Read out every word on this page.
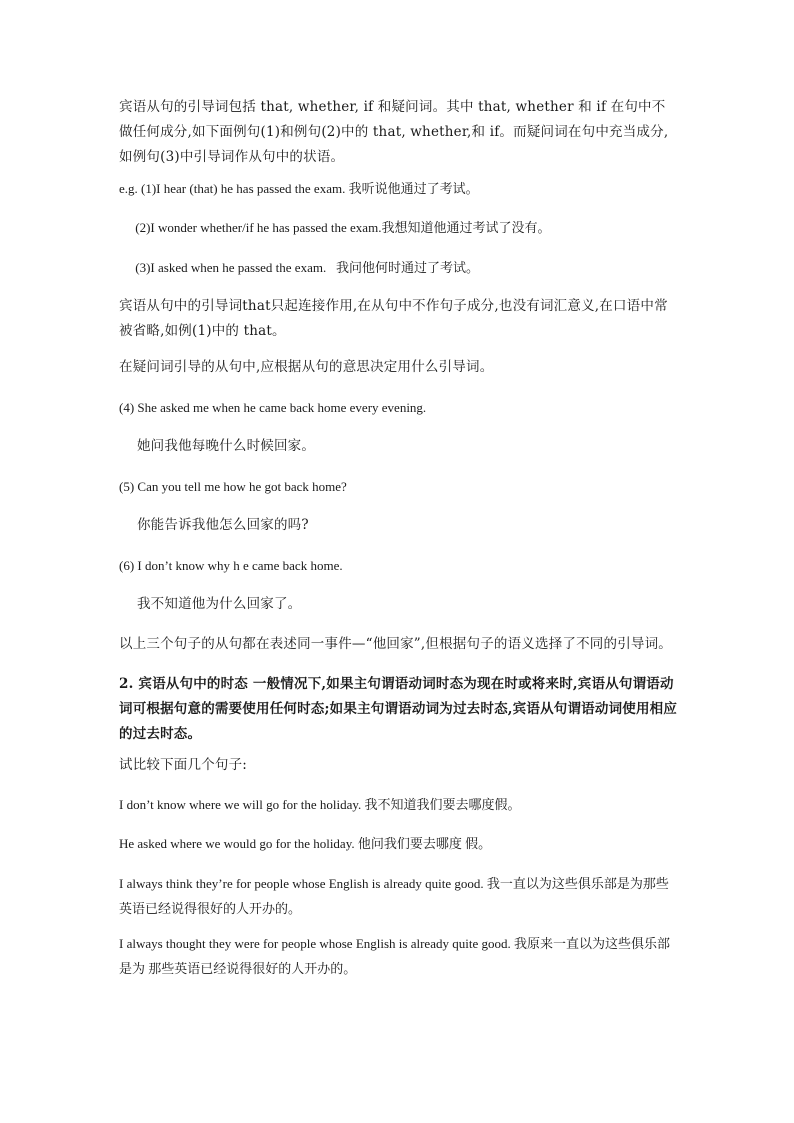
宾语从句的引导词包括 that, whether, if 和疑问词。其中 that, whether 和 if 在句中不做任何成分,如下面例句(1)和例句(2)中的 that, whether,和 if。而疑问词在句中充当成分,如例句(3)中引导词作从句中的状语。

e.g. (1)I hear (that) he has passed the exam. 我听说他通过了考试。

(2)I wonder whether/if he has passed the exam.我想知道他通过考试了没有。

(3)I asked when he passed the exam.   我问他何时通过了考试。

宾语从句中的引导词that只起连接作用,在从句中不作句子成分,也没有词汇意义,在口语中常被省略,如例(1)中的 that。

在疑问词引导的从句中,应根据从句的意思决定用什么引导词。

(4) She asked me when he came back home every evening.

她问我他每晚什么时候回家。

(5) Can you tell me how he got back home?

你能告诉我他怎么回家的吗?

(6) I don’t know why h e came back home.

我不知道他为什么回家了。

以上三个句子的从句都在表述同一事件—“他回家”,但根据句子的语义选择了不同的引导词。

2. 宾语从句中的时态 一般情况下,如果主句谓语动词时态为现在时或将来时,宾语从句谓语动词可根据句意的需要使用任何时态;如果主句谓语动词为过去时态,宾语从句谓语动词使用相应的过去时态。

试比较下面几个句子:

I don’t know where we will go for the holiday. 我不知道我们要去哪度假。

He asked where we would go for the holiday. 他问我们要去哪度 假。

I always think they’re for people whose English is already quite good. 我一直以为这些俱乐部是为那些英语已经说得很好的人开办的。

I always thought they were for people whose English is already quite good. 我原来一直以为这些俱乐部是为 那些英语已经说得很好的人开办的。
